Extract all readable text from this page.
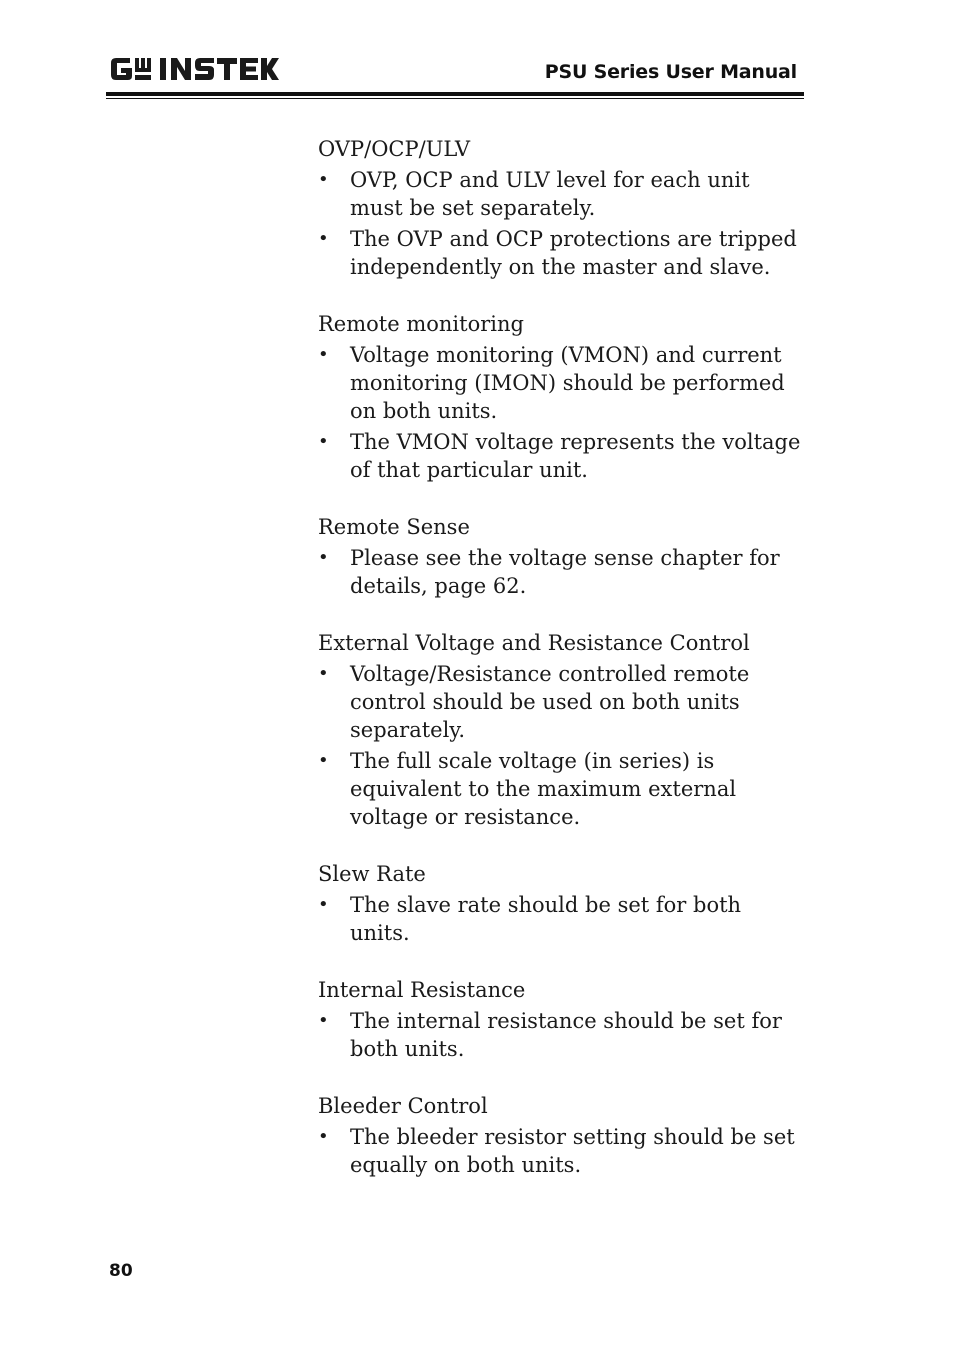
PSU Series User Manual
OVP/OCP/ULV
• OVP, OCP and ULV level for each unit must be set separately.
• The OVP and OCP protections are tripped independently on the master and slave.
Remote monitoring
• Voltage monitoring (VMON) and current monitoring (IMON) should be performed on both units.
• The VMON voltage represents the voltage of that particular unit.
Remote Sense
• Please see the voltage sense chapter for details, page 62.
External Voltage and Resistance Control
• Voltage/Resistance controlled remote control should be used on both units separately.
• The full scale voltage (in series) is equivalent to the maximum external voltage or resistance.
Slew Rate
• The slave rate should be set for both units.
Internal Resistance
• The internal resistance should be set for both units.
Bleeder Control
• The bleeder resistor setting should be set equally on both units.
80
